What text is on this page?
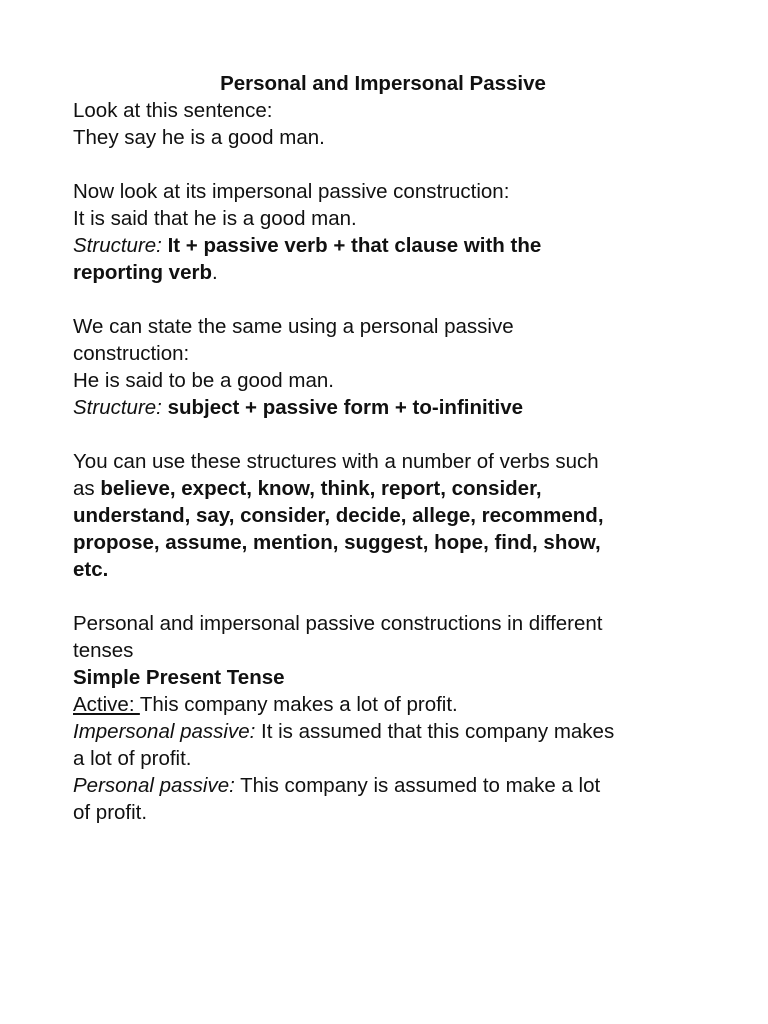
Personal and Impersonal Passive
Look at this sentence:
They say he is a good man.
Now look at its impersonal passive construction:
It is said that he is a good man.
Structure: It + passive verb + that clause with the
reporting verb.
We can state the same using a personal passive
construction:
He is said to be a good man.
Structure: subject + passive form + to-infinitive
You can use these structures with a number of verbs such
as believe, expect, know, think, report, consider,
understand, say, consider, decide, allege, recommend,
propose, assume, mention, suggest, hope, find, show,
etc.
Personal and impersonal passive constructions in different
tenses
Simple Present Tense
Active: This company makes a lot of profit.
Impersonal passive: It is assumed that this company makes
a lot of profit.
Personal passive: This company is assumed to make a lot
of profit.
